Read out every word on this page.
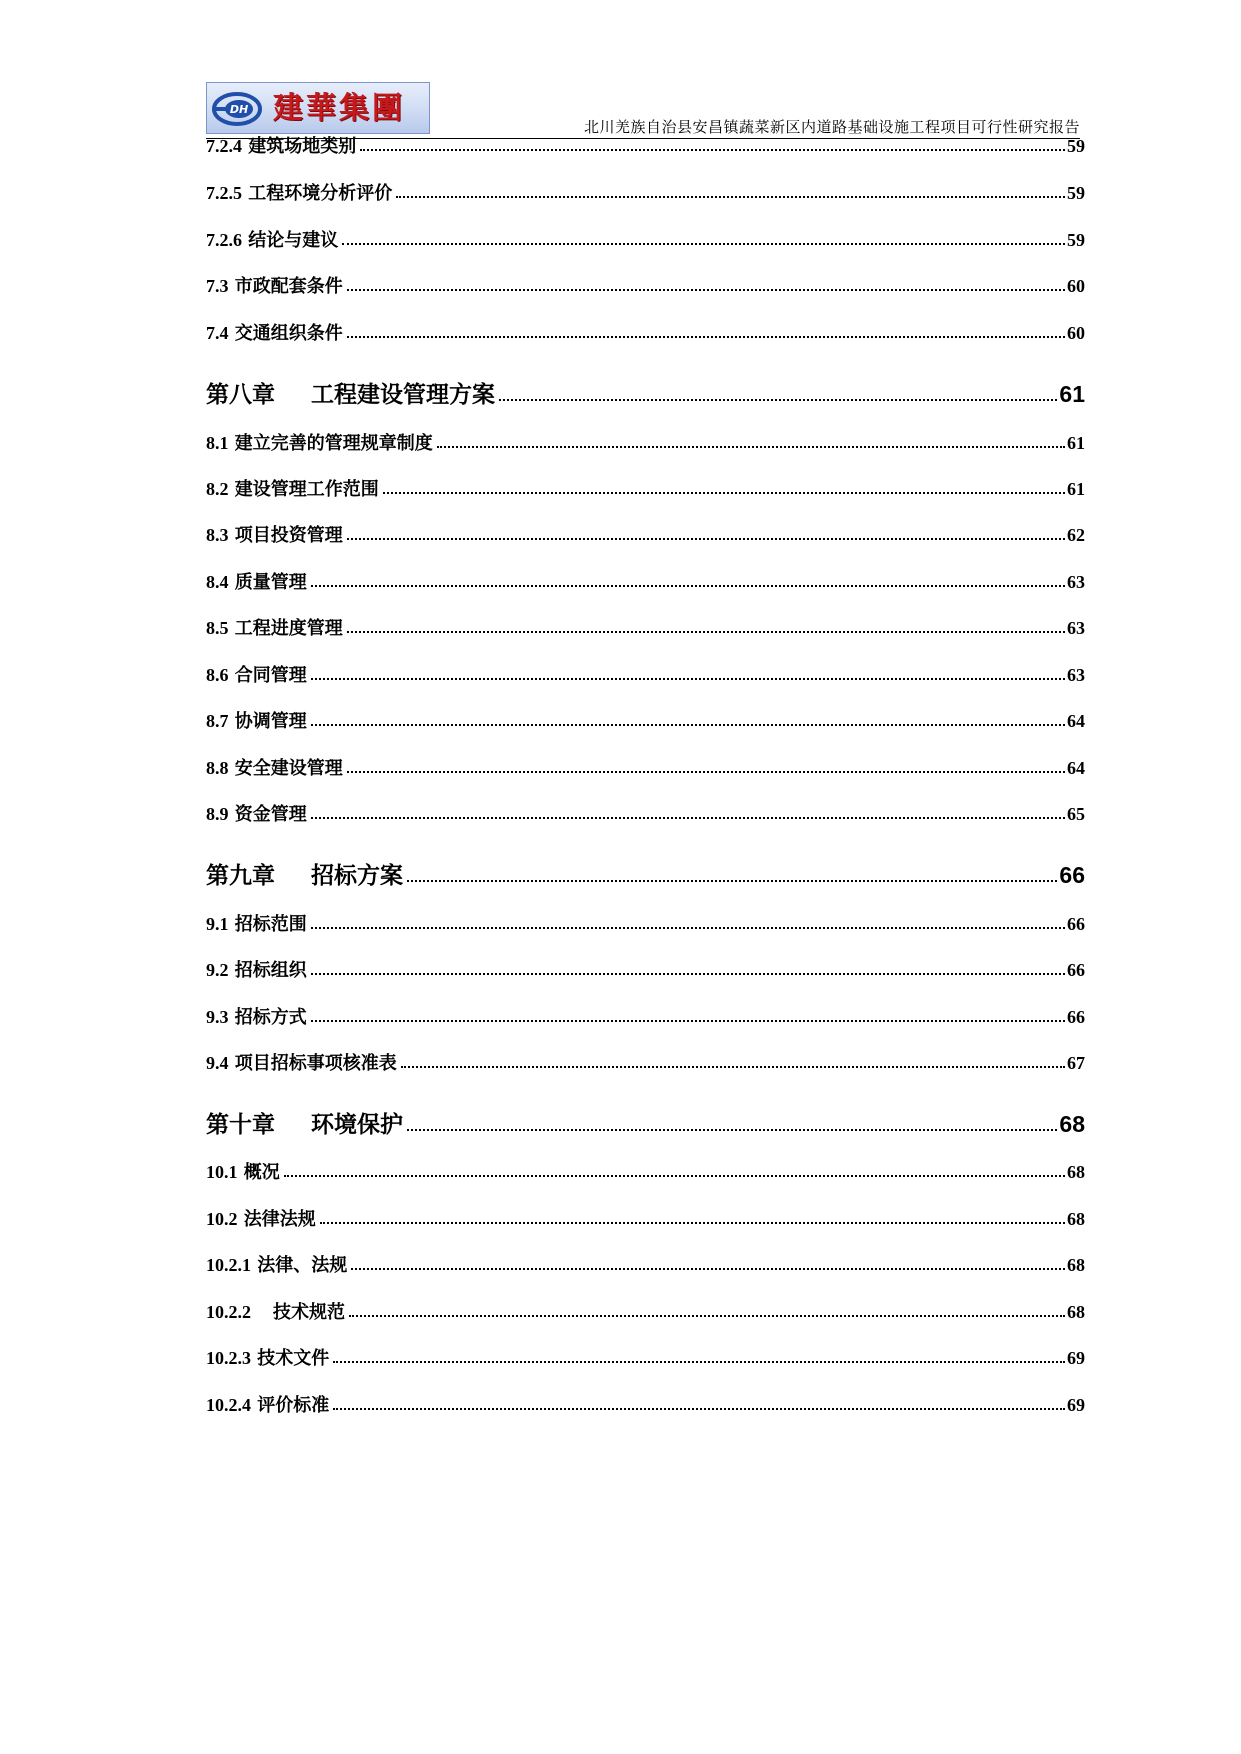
DH 建華集團
北川羌族自治县安昌镇蔬菜新区内道路基础设施工程项目可行性研究报告
7.2.4 建筑场地类别	59
7.2.5 工程环境分析评价	59
7.2.6 结论与建议	59
7.3 市政配套条件	60
7.4 交通组织条件	60
第八章 工程建设管理方案	61
8.1 建立完善的管理规章制度	61
8.2 建设管理工作范围	61
8.3 项目投资管理	62
8.4 质量管理	63
8.5 工程进度管理	63
8.6 合同管理	63
8.7 协调管理	64
8.8 安全建设管理	64
8.9 资金管理	65
第九章 招标方案	66
9.1 招标范围	66
9.2 招标组织	66
9.3 招标方式	66
9.4 项目招标事项核准表	67
第十章 环境保护	68
10.1 概况	68
10.2 法律法规	68
10.2.1 法律、法规	68
10.2.2 技术规范	68
10.2.3 技术文件	69
10.2.4 评价标准	69
